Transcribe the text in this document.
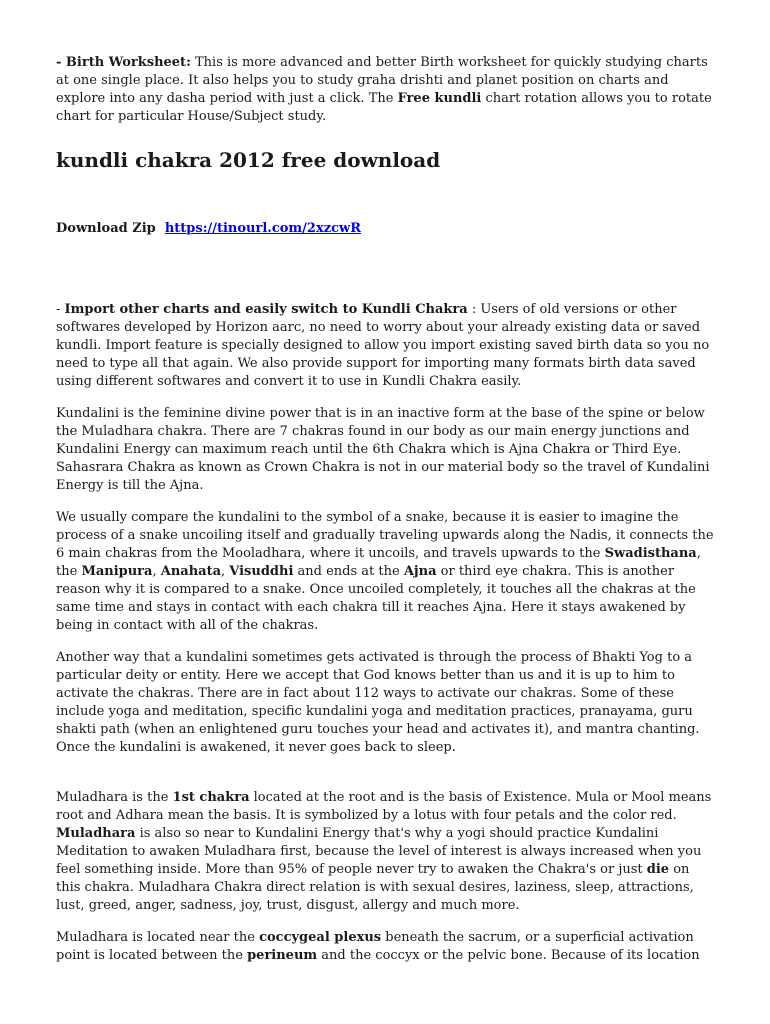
- Birth Worksheet: This is more advanced and better Birth worksheet for quickly studying charts at one single place. It also helps you to study graha drishti and planet position on charts and explore into any dasha period with just a click. The Free kundli chart rotation allows you to rotate chart for particular House/Subject study.

kundli chakra 2012 free download

Download Zip https://tinourl.com/2xzcwR

- Import other charts and easily switch to Kundli Chakra : Users of old versions or other softwares developed by Horizon aarc, no need to worry about your already existing data or saved kundli. Import feature is specially designed to allow you import existing saved birth data so you no need to type all that again. We also provide support for importing many formats birth data saved using different softwares and convert it to use in Kundli Chakra easily.

Kundalini is the feminine divine power that is in an inactive form at the base of the spine or below the Muladhara chakra. There are 7 chakras found in our body as our main energy junctions and Kundalini Energy can maximum reach until the 6th Chakra which is Ajna Chakra or Third Eye. Sahasrara Chakra as known as Crown Chakra is not in our material body so the travel of Kundalini Energy is till the Ajna.

We usually compare the kundalini to the symbol of a snake, because it is easier to imagine the process of a snake uncoiling itself and gradually traveling upwards along the Nadis, it connects the 6 main chakras from the Mooladhara, where it uncoils, and travels upwards to the Swadisthana, the Manipura, Anahata, Visuddhi and ends at the Ajna or third eye chakra. This is another reason why it is compared to a snake. Once uncoiled completely, it touches all the chakras at the same time and stays in contact with each chakra till it reaches Ajna. Here it stays awakened by being in contact with all of the chakras.

Another way that a kundalini sometimes gets activated is through the process of Bhakti Yog to a particular deity or entity. Here we accept that God knows better than us and it is up to him to activate the chakras. There are in fact about 112 ways to activate our chakras. Some of these include yoga and meditation, specific kundalini yoga and meditation practices, pranayama, guru shakti path (when an enlightened guru touches your head and activates it), and mantra chanting. Once the kundalini is awakened, it never goes back to sleep.

Muladhara is the 1st chakra located at the root and is the basis of Existence. Mula or Mool means root and Adhara mean the basis. It is symbolized by a lotus with four petals and the color red. Muladhara is also so near to Kundalini Energy that's why a yogi should practice Kundalini Meditation to awaken Muladhara first, because the level of interest is always increased when you feel something inside. More than 95% of people never try to awaken the Chakra's or just die on this chakra. Muladhara Chakra direct relation is with sexual desires, laziness, sleep, attractions, lust, greed, anger, sadness, joy, trust, disgust, allergy and much more.

Muladhara is located near the coccygeal plexus beneath the sacrum, or a superficial activation point is located between the perineum and the coccyx or the pelvic bone. Because of its location
